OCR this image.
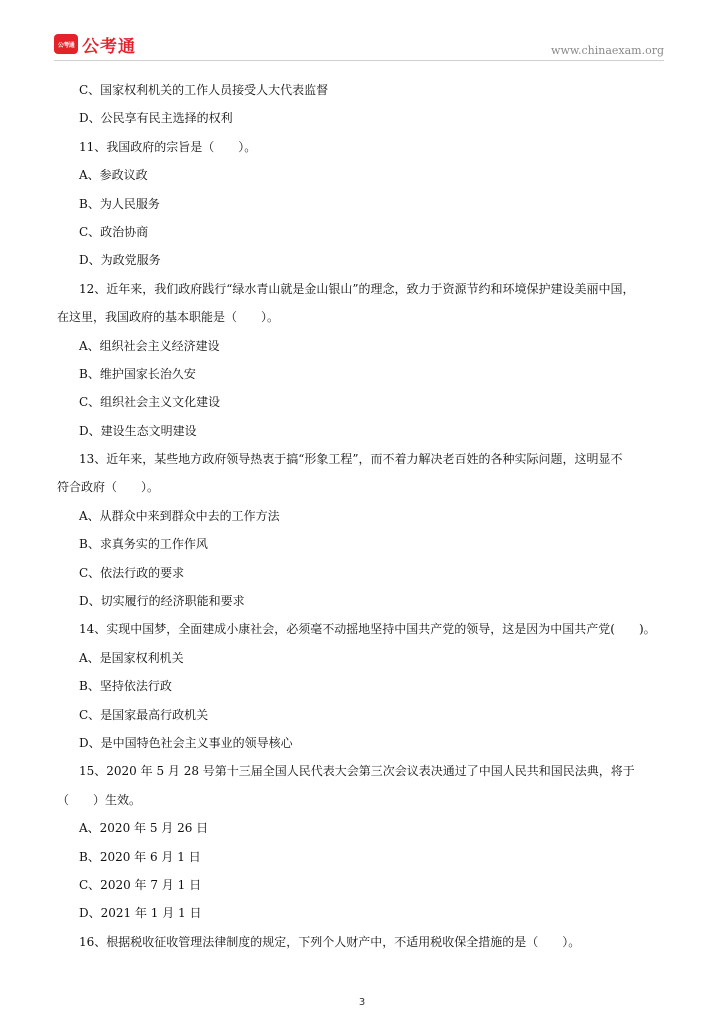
公考通 公考通	www.chinaexam.org
C、国家权利机关的工作人员接受人大代表监督
D、公民享有民主选择的权利
11、我国政府的宗旨是（　　）。
A、参政议政
B、为人民服务
C、政治协商
D、为政党服务
12、近年来，我们政府践行“绿水青山就是金山银山”的理念，致力于资源节约和环境保护建设美丽中国，
在这里，我国政府的基本职能是（　　）。
A、组织社会主义经济建设
B、维护国家长治久安
C、组织社会主义文化建设
D、建设生态文明建设
13、近年来，某些地方政府领导热衷于搞“形象工程”，而不着力解决老百姓的各种实际问题，这明显不
符合政府（　　）。
A、从群众中来到群众中去的工作方法
B、求真务实的工作作风
C、依法行政的要求
D、切实履行的经济职能和要求
14、实现中国梦，全面建成小康社会，必须毫不动摇地坚持中国共产党的领导，这是因为中国共产党(　　)。
A、是国家权利机关
B、坚持依法行政
C、是国家最高行政机关
D、是中国特色社会主义事业的领导核心
15、2020 年 5 月 28 号第十三届全国人民代表大会第三次会议表决通过了中国人民共和国民法典，将于
（　　）生效。
A、2020 年 5 月 26 日
B、2020 年 6 月 1 日
C、2020 年 7 月 1 日
D、2021 年 1 月 1 日
16、根据税收征收管理法律制度的规定，下列个人财产中，不适用税收保全措施的是（　　）。
3
